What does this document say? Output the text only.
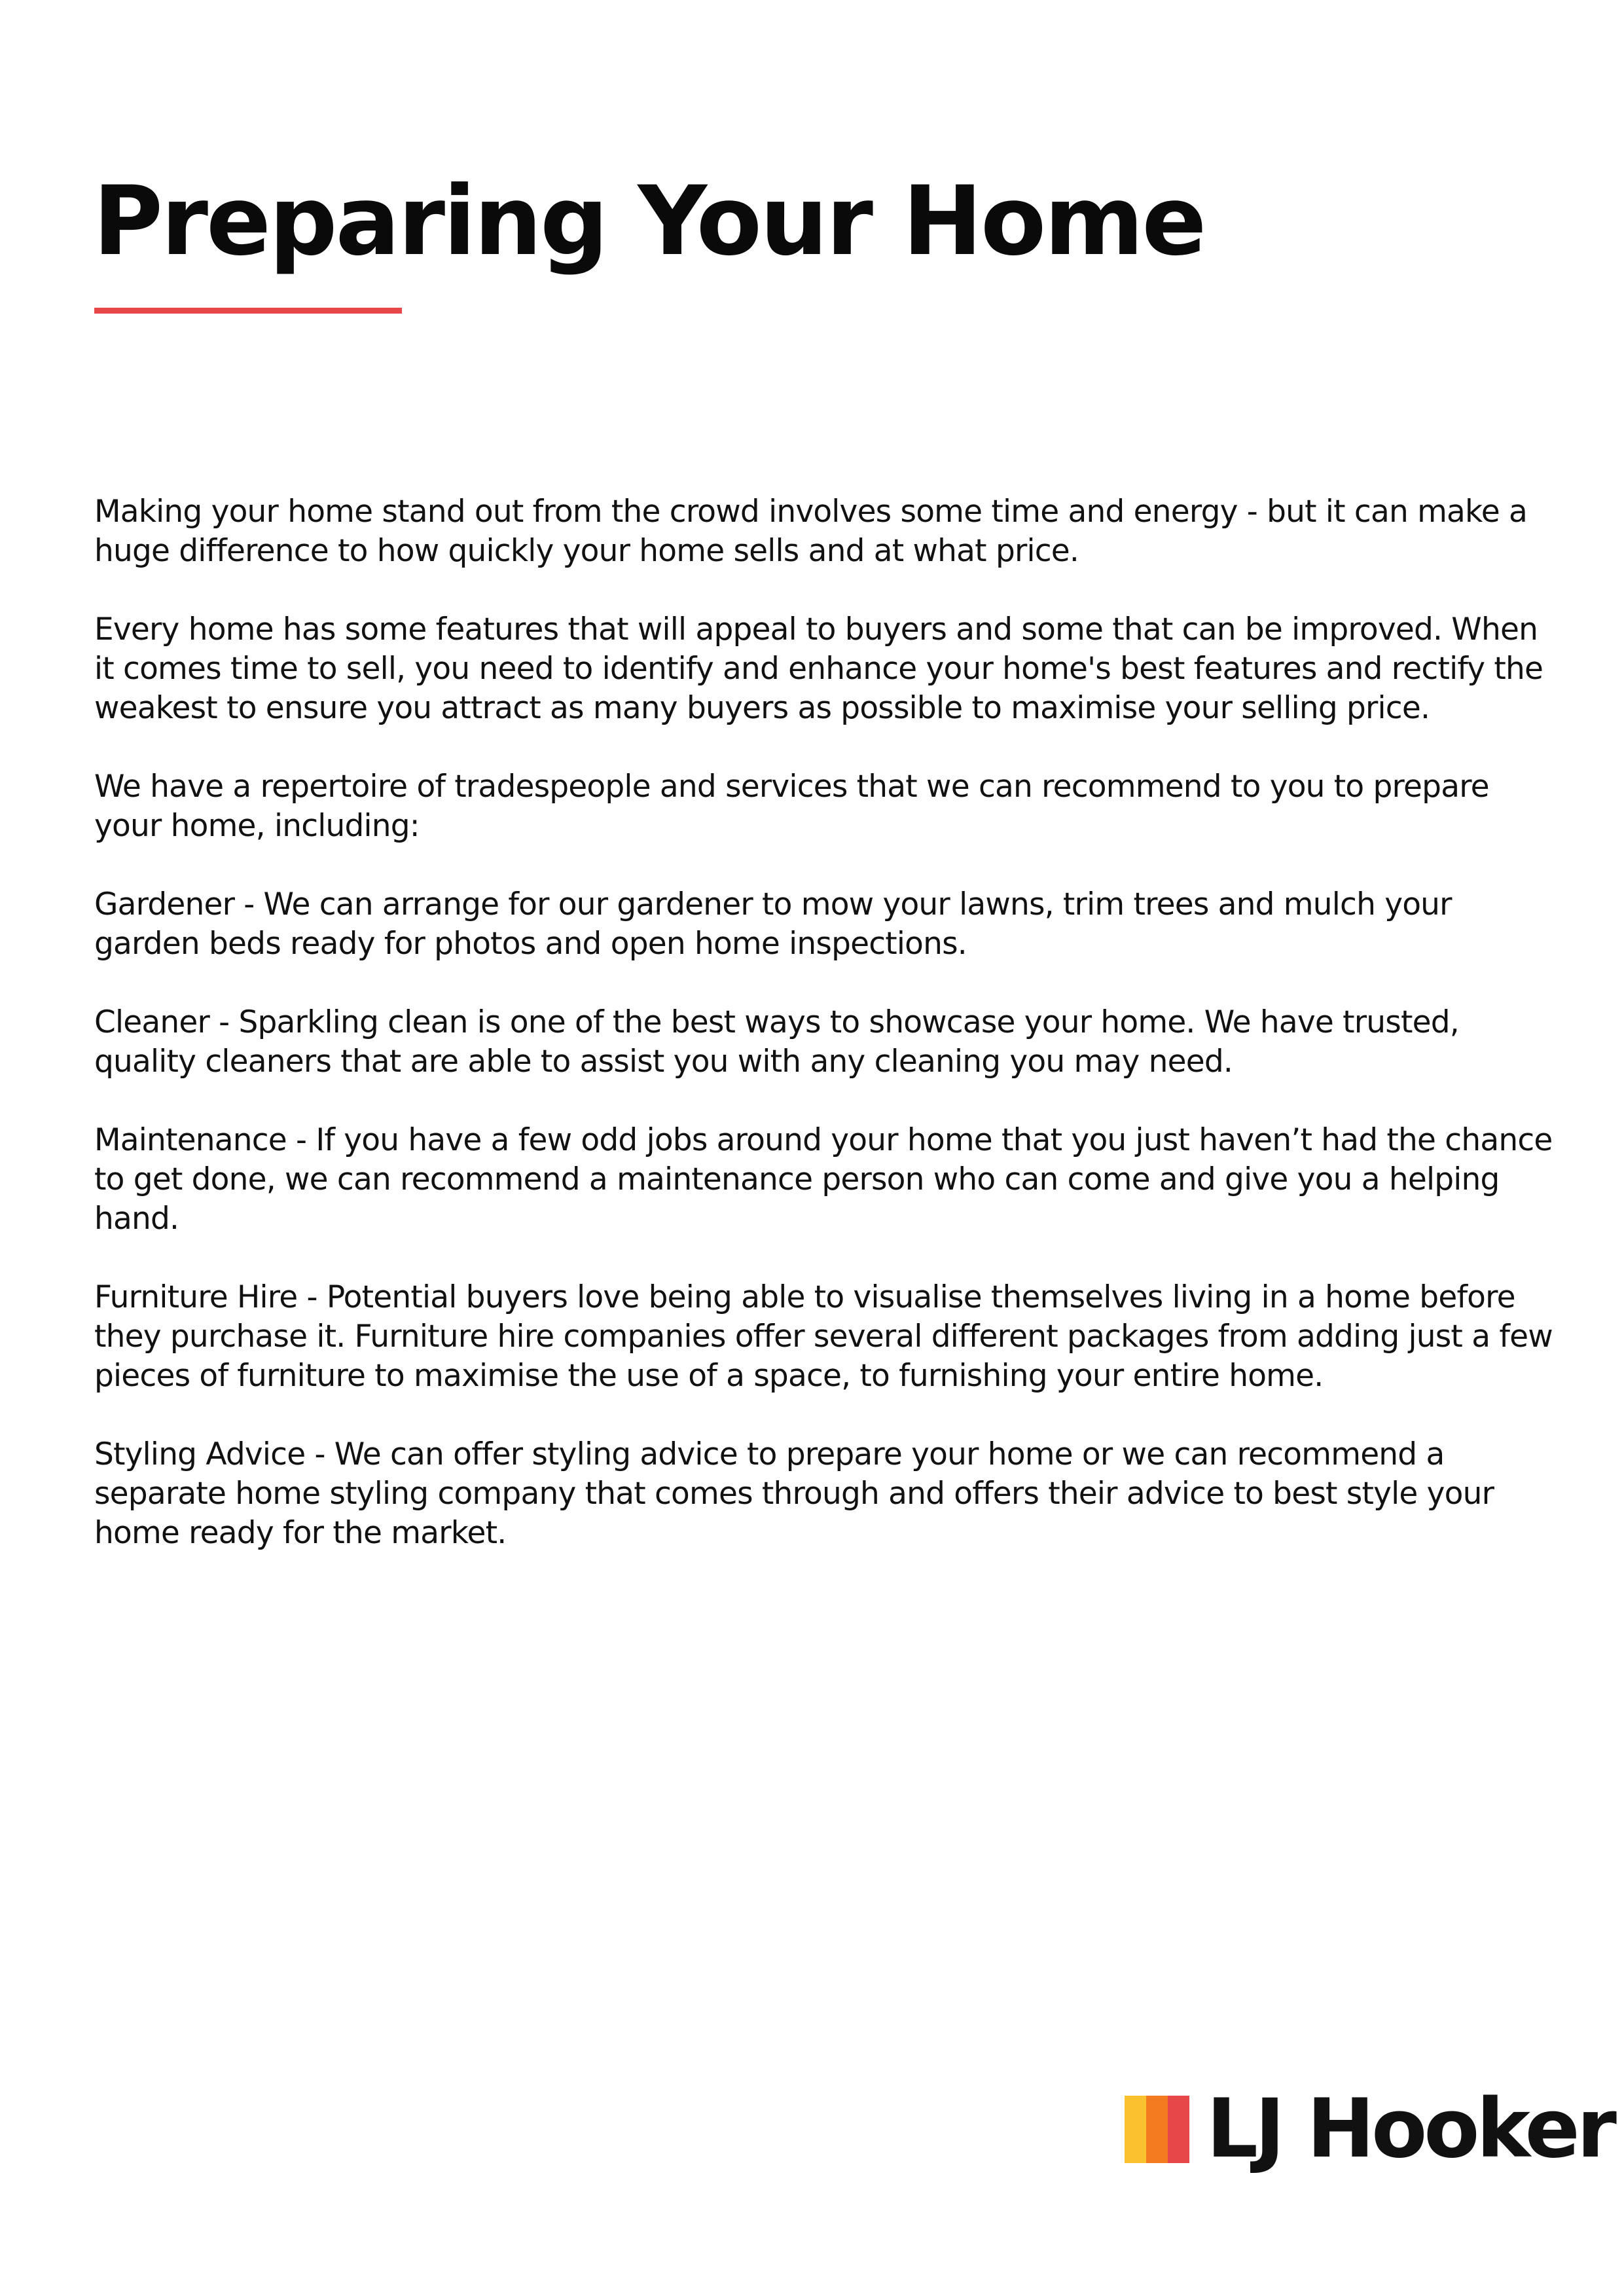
Preparing Your Home

Making your home stand out from the crowd involves some time and energy - but it can make a huge difference to how quickly your home sells and at what price.

Every home has some features that will appeal to buyers and some that can be improved. When it comes time to sell, you need to identify and enhance your home's best features and rectify the weakest to ensure you attract as many buyers as possible to maximise your selling price.

We have a repertoire of tradespeople and services that we can recommend to you to prepare your home, including:

Gardener - We can arrange for our gardener to mow your lawns, trim trees and mulch your garden beds ready for photos and open home inspections.

Cleaner - Sparkling clean is one of the best ways to showcase your home. We have trusted, quality cleaners that are able to assist you with any cleaning you may need.

Maintenance - If you have a few odd jobs around your home that you just haven’t had the chance to get done, we can recommend a maintenance person who can come and give you a helping hand.

Furniture Hire - Potential buyers love being able to visualise themselves living in a home before they purchase it. Furniture hire companies offer several different packages from adding just a few pieces of furniture to maximise the use of a space, to furnishing your entire home.

Styling Advice - We can offer styling advice to prepare your home or we can recommend a separate home styling company that comes through and offers their advice to best style your home ready for the market.

LJ Hooker
